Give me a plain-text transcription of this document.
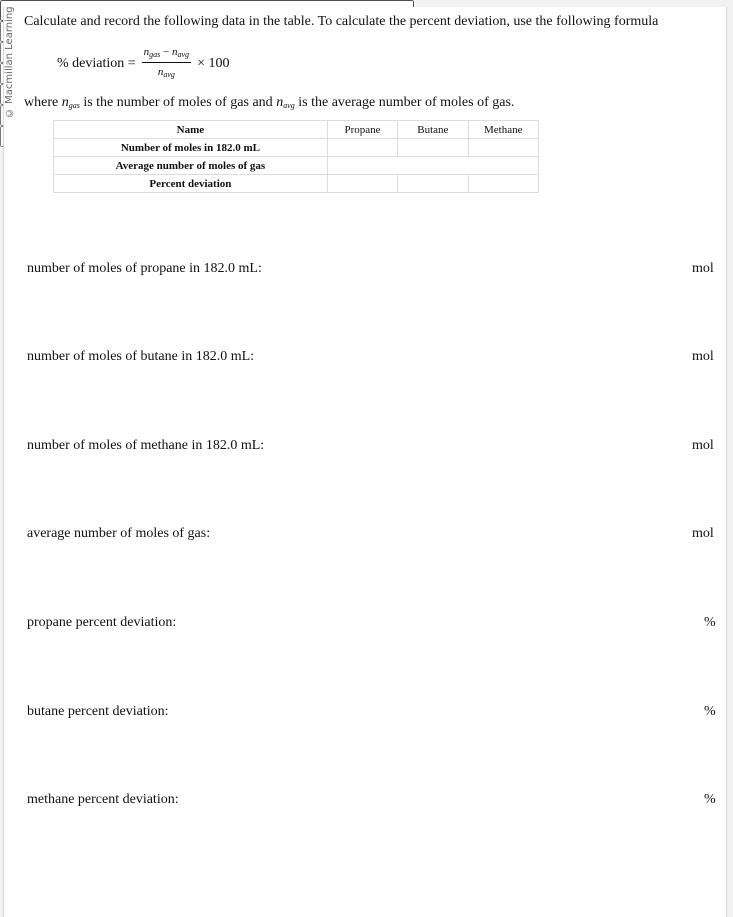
© Macmillan Learning Calculate and record the following data in the table. To calculate the percent deviation, use the following formula
% deviation = $\frac{n_{gas} - n_{avg}}{n_{avg}} \times 100$
where $n_{gas}$ is the number of moles of gas and $n_{avg}$ is the average number of moles of gas.
Name	Propane	Butane	Methane
Number of moles in 182.0 mL			
Average number of moles of gas			
Percent deviation			
number of moles of propane in 182.0 mL:
	mol
number of moles of butane in 182.0 mL:
	mol
number of moles of methane in 182.0 mL:
	mol
average number of moles of gas:
	mol
propane percent deviation:
	%
butane percent deviation:
	%
methane percent deviation:	%
